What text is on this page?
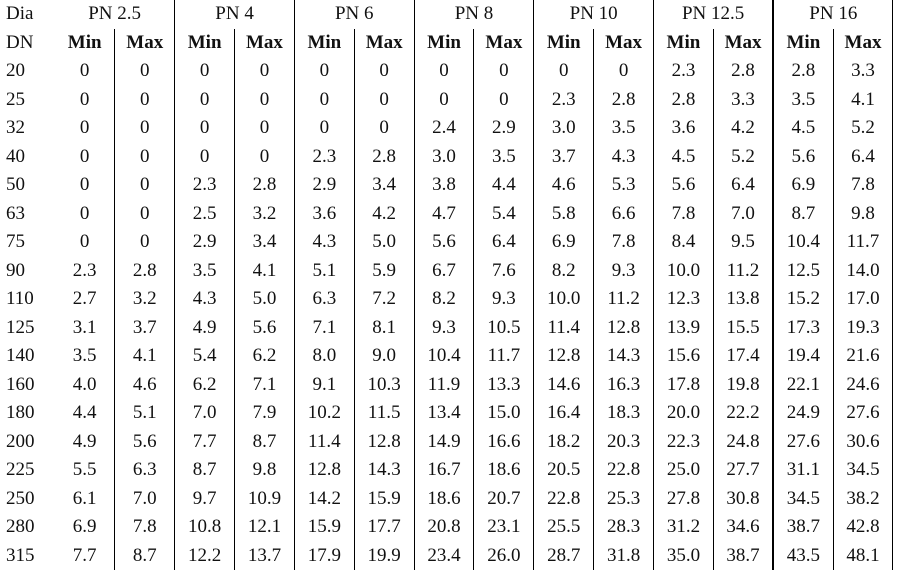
Dia	PN 2.5		PN 4		PN 6		PN 8		PN 10		PN 12.5		PN 16	
DN	Min	Max	Min	Max	Min	Max	Min	Max	Min	Max	Min	Max	Min	Max
20	0	0	0	0	0	0	0	0	0	0	2.3	2.8	2.8	3.3
25	0	0	0	0	0	0	0	0	2.3	2.8	2.8	3.3	3.5	4.1
32	0	0	0	0	0	0	2.4	2.9	3.0	3.5	3.6	4.2	4.5	5.2
40	0	0	0	0	2.3	2.8	3.0	3.5	3.7	4.3	4.5	5.2	5.6	6.4
50	0	0	2.3	2.8	2.9	3.4	3.8	4.4	4.6	5.3	5.6	6.4	6.9	7.8
63	0	0	2.5	3.2	3.6	4.2	4.7	5.4	5.8	6.6	7.8	7.0	8.7	9.8
75	0	0	2.9	3.4	4.3	5.0	5.6	6.4	6.9	7.8	8.4	9.5	10.4	11.7
90	2.3	2.8	3.5	4.1	5.1	5.9	6.7	7.6	8.2	9.3	10.0	11.2	12.5	14.0
110	2.7	3.2	4.3	5.0	6.3	7.2	8.2	9.3	10.0	11.2	12.3	13.8	15.2	17.0
125	3.1	3.7	4.9	5.6	7.1	8.1	9.3	10.5	11.4	12.8	13.9	15.5	17.3	19.3
140	3.5	4.1	5.4	6.2	8.0	9.0	10.4	11.7	12.8	14.3	15.6	17.4	19.4	21.6
160	4.0	4.6	6.2	7.1	9.1	10.3	11.9	13.3	14.6	16.3	17.8	19.8	22.1	24.6
180	4.4	5.1	7.0	7.9	10.2	11.5	13.4	15.0	16.4	18.3	20.0	22.2	24.9	27.6
200	4.9	5.6	7.7	8.7	11.4	12.8	14.9	16.6	18.2	20.3	22.3	24.8	27.6	30.6
225	5.5	6.3	8.7	9.8	12.8	14.3	16.7	18.6	20.5	22.8	25.0	27.7	31.1	34.5
250	6.1	7.0	9.7	10.9	14.2	15.9	18.6	20.7	22.8	25.3	27.8	30.8	34.5	38.2
280	6.9	7.8	10.8	12.1	15.9	17.7	20.8	23.1	25.5	28.3	31.2	34.6	38.7	42.8
315	7.7	8.7	12.2	13.7	17.9	19.9	23.4	26.0	28.7	31.8	35.0	38.7	43.5	48.1
